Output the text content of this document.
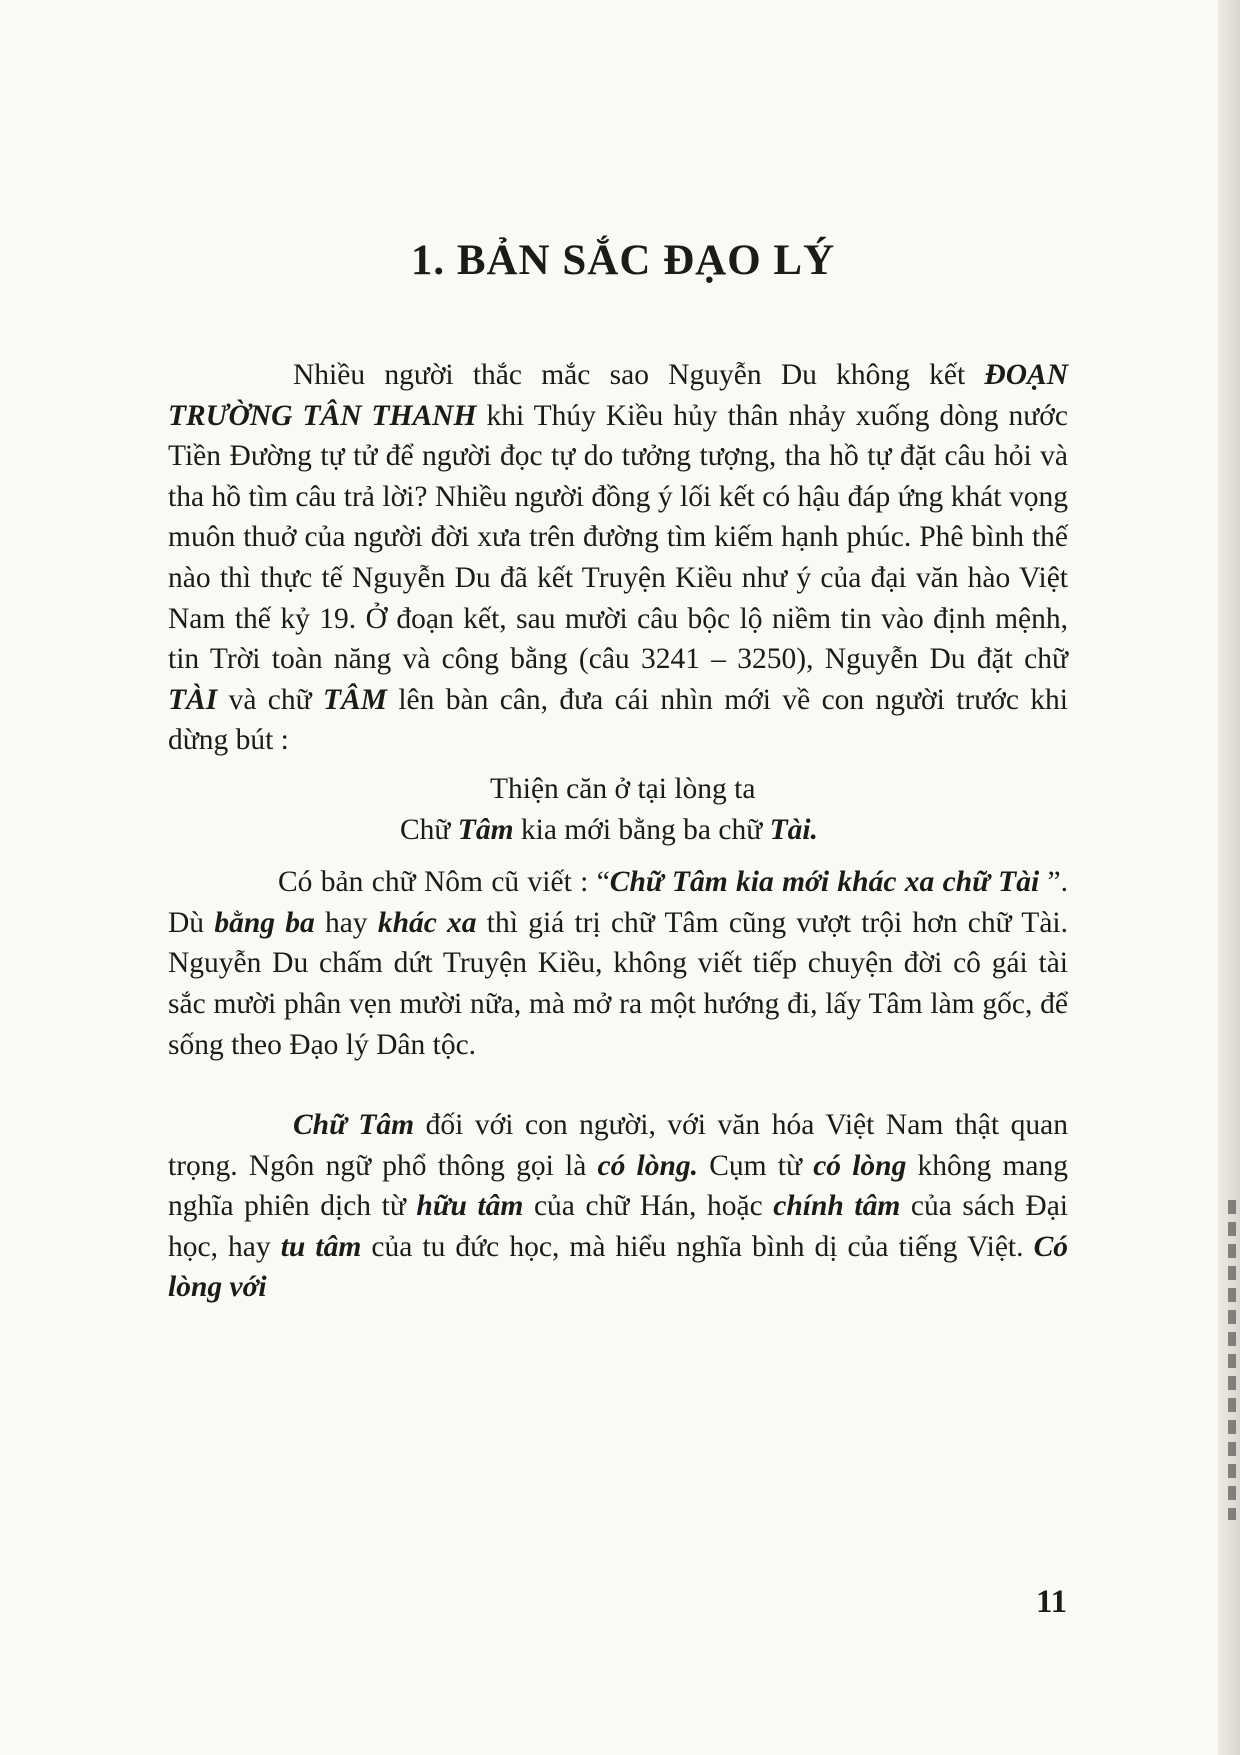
1. BẢN SẮC ĐẠO LÝ

Nhiều người thắc mắc sao Nguyễn Du không kết ĐOẠN TRƯỜNG TÂN THANH khi Thúy Kiều hủy thân nhảy xuống dòng nước Tiền Đường tự tử để người đọc tự do tưởng tượng, tha hồ tự đặt câu hỏi và tha hồ tìm câu trả lời? Nhiều người đồng ý lối kết có hậu đáp ứng khát vọng muôn thuở của người đời xưa trên đường tìm kiếm hạnh phúc. Phê bình thế nào thì thực tế Nguyễn Du đã kết Truyện Kiều như ý của đại văn hào Việt Nam thế kỷ 19. Ở đoạn kết, sau mười câu bộc lộ niềm tin vào định mệnh, tin Trời toàn năng và công bằng (câu 3241 – 3250), Nguyễn Du đặt chữ TÀI và chữ TÂM lên bàn cân, đưa cái nhìn mới về con người trước khi dừng bút :

Thiện căn ở tại lòng ta
Chữ Tâm kia mới bằng ba chữ Tài.

Có bản chữ Nôm cũ viết : “Chữ Tâm kia mới khác xa chữ Tài ”. Dù bằng ba hay khác xa thì giá trị chữ Tâm cũng vượt trội hơn chữ Tài. Nguyễn Du chấm dứt Truyện Kiều, không viết tiếp chuyện đời cô gái tài sắc mười phân vẹn mười nữa, mà mở ra một hướng đi, lấy Tâm làm gốc, để sống theo Đạo lý Dân tộc.

Chữ Tâm đối với con người, với văn hóa Việt Nam thật quan trọng. Ngôn ngữ phổ thông gọi là có lòng. Cụm từ có lòng không mang nghĩa phiên dịch từ hữu tâm của chữ Hán, hoặc chính tâm của sách Đại học, hay tu tâm của tu đức học, mà hiểu nghĩa bình dị của tiếng Việt. Có lòng với

11
